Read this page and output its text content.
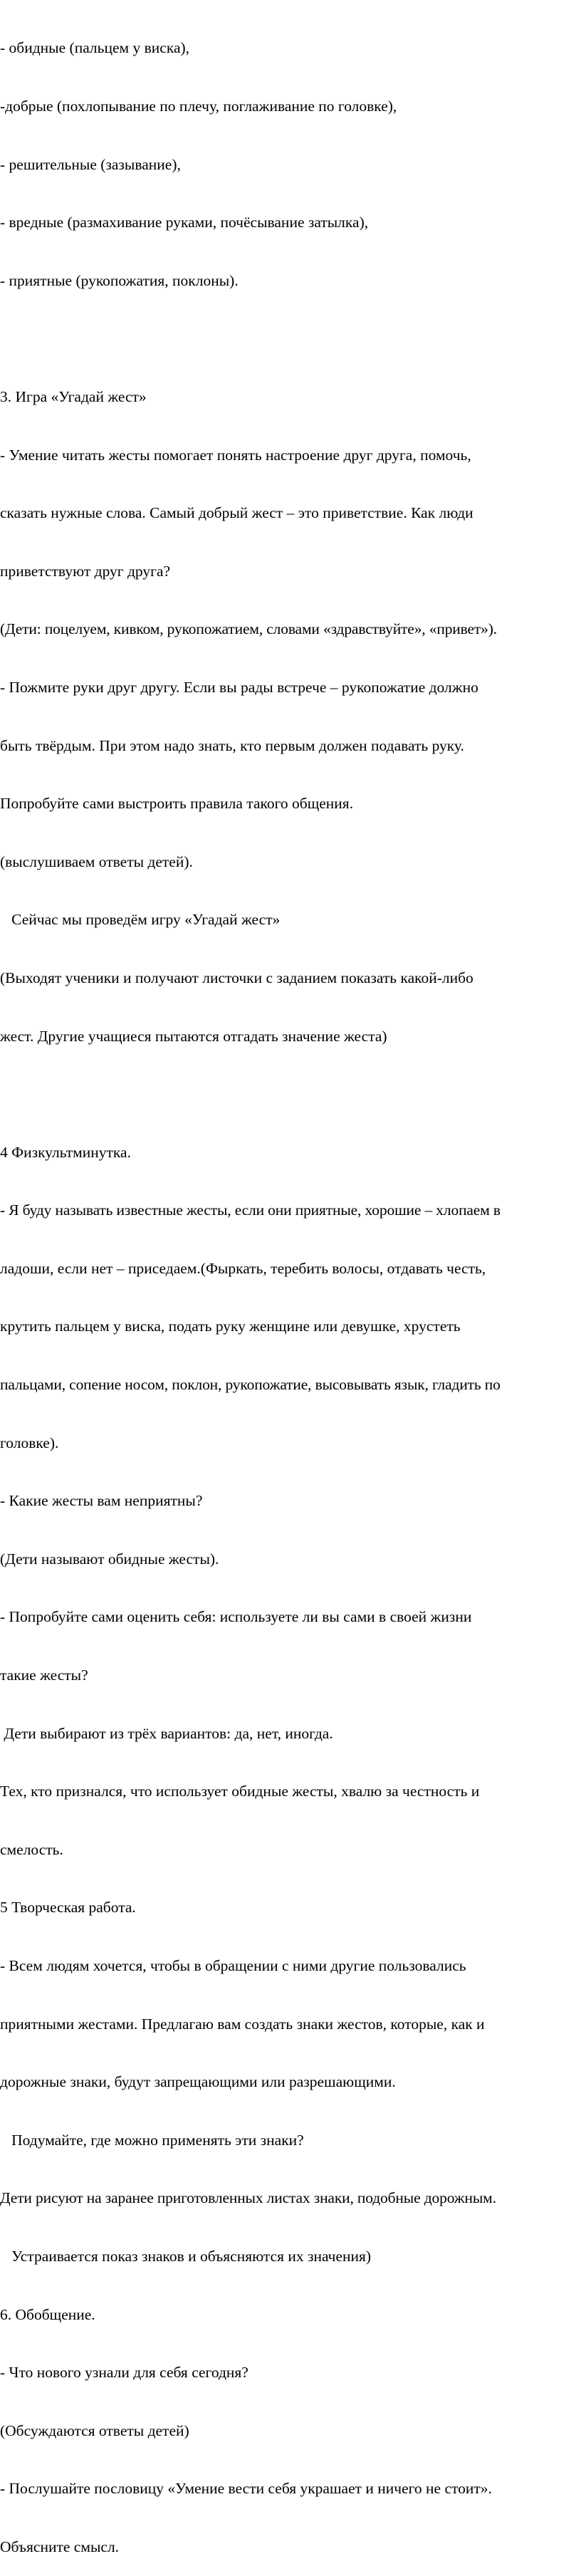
- обидные (пальцем у виска),

-добрые (похлопывание по плечу, поглаживание по головке),

- решительные (зазывание),

- вредные (размахивание руками, почёсывание затылка),

- приятные (рукопожатия, поклоны).

3. Игра «Угадай жест»

- Умение читать жесты помогает понять настроение друг друга, помочь,

сказать нужные слова. Самый добрый жест – это приветствие. Как люди

приветствуют друг друга?

(Дети: поцелуем, кивком, рукопожатием, словами «здравствуйте», «привет»).

- Пожмите руки друг другу. Если вы рады встрече – рукопожатие должно

быть твёрдым. При этом надо знать, кто первым должен подавать руку.

Попробуйте сами выстроить правила такого общения.

(выслушиваем ответы детей).

Сейчас мы проведём игру «Угадай жест»

(Выходят ученики и получают листочки с заданием показать какой-либо

жест. Другие учащиеся пытаются отгадать значение жеста)

4 Физкультминутка.

- Я буду называть известные жесты, если они приятные, хорошие – хлопаем в

ладоши, если нет – приседаем.(Фыркать, теребить волосы, отдавать честь,

крутить пальцем у виска, подать руку женщине или девушке, хрустеть

пальцами, сопение носом, поклон, рукопожатие, высовывать язык, гладить по

головке).

- Какие жесты вам неприятны?

(Дети называют обидные жесты).

- Попробуйте сами оценить себя: используете ли вы сами в своей жизни

такие жесты?

Дети выбирают из трёх вариантов: да, нет, иногда.

Тех, кто признался, что использует обидные жесты, хвалю за честность и

смелость.

5 Творческая работа.

- Всем людям хочется, чтобы в обращении с ними другие пользовались

приятными жестами. Предлагаю вам создать знаки жестов, которые, как и

дорожные знаки, будут запрещающими или разрешающими.

Подумайте, где можно применять эти знаки?

Дети рисуют на заранее приготовленных листах знаки, подобные дорожным.

Устраивается показ знаков и объясняются их значения)

6. Обобщение.

- Что нового узнали для себя сегодня?

(Обсуждаются ответы детей)

- Послушайте пословицу «Умение вести себя украшает и ничего не стоит».

Объясните смысл.
